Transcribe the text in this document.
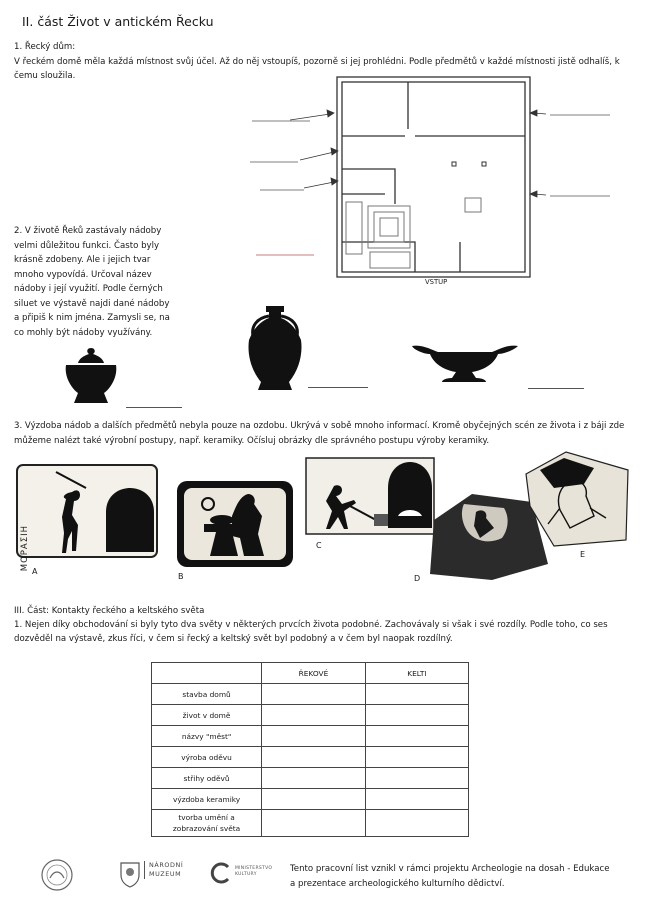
II. část Život v antickém Řecku
1. Řecký dům:
V řeckém domě měla každá místnost svůj účel. Až do něj vstoupíš, pozorně si jej prohlédni. Podle předmětů v každé místnosti jistě odhalíš, k čemu sloužila.
VSTUP
2. V životě Řeků zastávaly nádoby
velmi důležitou funkci. Často byly
krásně zdobeny. Ale i jejich tvar
mnoho vypovídá. Určoval název
nádoby i její využití. Podle černých
siluet ve výstavě najdi dané nádoby
a připiš k nim jména. Zamysli se, na
co mohly být nádoby využívány.
3. Výzdoba nádob a dalších předmětů nebyla pouze na ozdobu. Ukrývá v sobě mnoho informací. Kromě obyčejných scén ze života i z báji zde můžeme nalézt také výrobní postupy, např. keramiky. Očísluj obrázky dle správného postupu výroby keramiky.
ΜΟΡΑΣΙΗ
A
B
C
D
E
III. Část: Kontakty řeckého a keltského světa
1. Nejen díky obchodování si byly tyto dva světy v některých prvcích života podobné. Zachovávaly si však i své rozdíly. Podle toho, co ses dozvěděl na výstavě, zkus říci, v čem si řecký a keltský svět byl podobný a v čem byl naopak rozdílný.
	ŘEKOVÉ	KELTI
stavba domů		
život v domě		
názvy "měst"		
výroba oděvu		
střihy oděvů		
výzdoba keramiky		
tvorba umění a zobrazování světa		
NÁRODNÍ
MUZEUM
MINISTERSTVO
KULTURY
Tento pracovní list vznikl v rámci projektu Archeologie na dosah - Edukace a prezentace archeologického kulturního dědictví.
